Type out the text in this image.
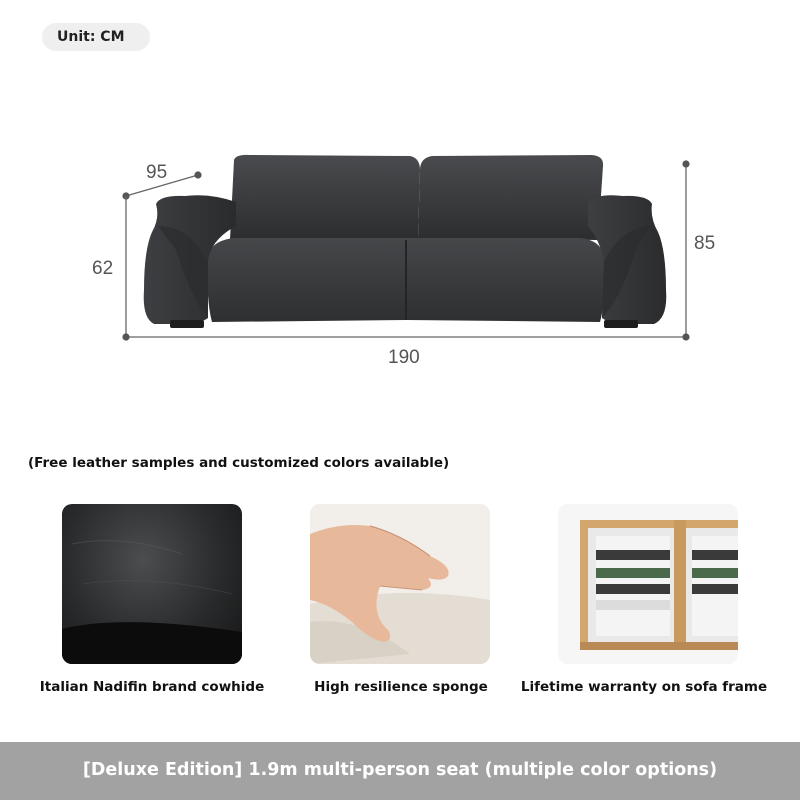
Unit: CM
95
62
85
190
(Free leather samples and customized colors available)
Italian Nadifin brand cowhide	High resilience sponge	Lifetime warranty on sofa frame
[Deluxe Edition] 1.9m multi-person seat (multiple color options)
